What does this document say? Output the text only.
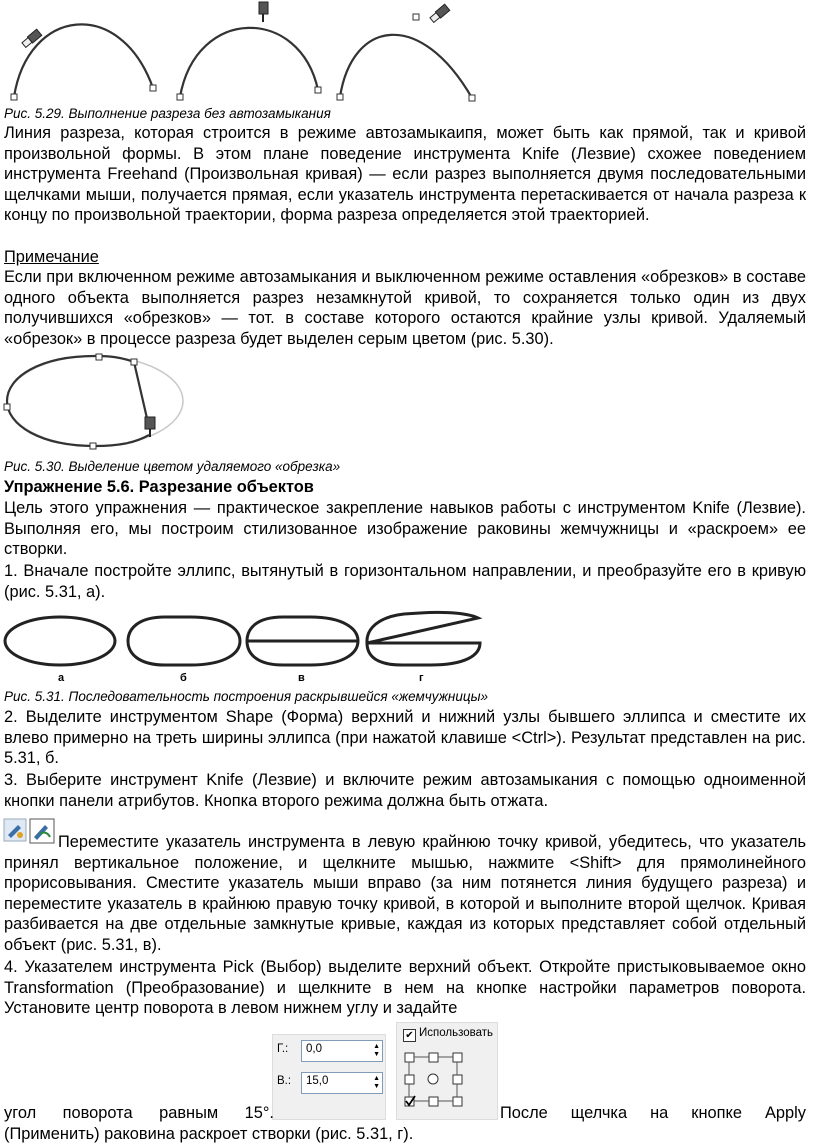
Рис. 5.29. Выполнение разреза без автозамыкания

Линия разреза, которая строится в режиме автозамыкаипя, может быть как прямой, так и кривой произвольной формы. В этом плане поведение инструмента Knife (Лезвие) схожее поведением инструмента Freehand (Произвольная кривая) — если разрез выполняется двумя последовательными щелчками мыши, получается прямая, если указатель инструмента перетаскивается от начала разреза к концу по произвольной траектории, форма разреза определяется этой траекторией.

Примечание

Если при включенном режиме автозамыкания и выключенном режиме оставления «обрезков» в составе одного объекта выполняется разрез незамкнутой кривой, то сохраняется только один из двух получившихся «обрезков» — тот. в составе которого остаются крайние узлы кривой. Удаляемый «обрезок» в процессе разреза будет выделен серым цветом (рис. 5.30).

Рис. 5.30. Выделение цветом удаляемого «обрезка»

Упражнение 5.6. Разрезание объектов

Цель этого упражнения — практическое закрепление навыков работы с инструментом Knife (Лезвие). Выполняя его, мы построим стилизованное изображение раковины жемчужницы и «раскроем» ее створки.

1. Вначале постройте эллипс, вытянутый в горизонтальном направлении, и преобразуйте его в кривую (рис. 5.31, а).

а	б	в	г

Рис. 5.31. Последовательность построения раскрывшейся «жемчужницы»

2. Выделите инструментом Shape (Форма) верхний и нижний узлы бывшего эллипса и сместите их влево примерно на треть ширины эллипса (при нажатой клавише <Ctrl>). Результат представлен на рис. 5.31, б.

3. Выберите инструмент Knife (Лезвие) и включите режим автозамыкания с помощью одноименной кнопки панели атрибутов. Кнопка второго режима должна быть отжата.

Переместите указатель инструмента в левую крайнюю точку кривой, убедитесь, что указатель принял вертикальное положение, и щелкните мышью, нажмите <Shift> для прямолинейного прорисовывания. Сместите указатель мыши вправо (за ним потянется линия будущего разреза) и переместите указатель в крайнюю правую точку кривой, в которой и выполните второй щелчок. Кривая разбивается на две отдельные замкнутые кривые, каждая из которых представляет собой отдельный объект (рис. 5.31, в).

4. Указателем инструмента Pick (Выбор) выделите верхний объект. Откройте пристыковываемое окно Transformation (Преобразование) и щелкните в нем на кнопке настройки параметров поворота. Установите центр поворота в левом нижнем углу и задайте

Г.: 0,0	▲
▼
В.: 15,0	▲
▼
✔ Использовать

угол поворота равным 15°.	После щелчка на кнопке Apply

(Применить) раковина раскроет створки (рис. 5.31, г).
